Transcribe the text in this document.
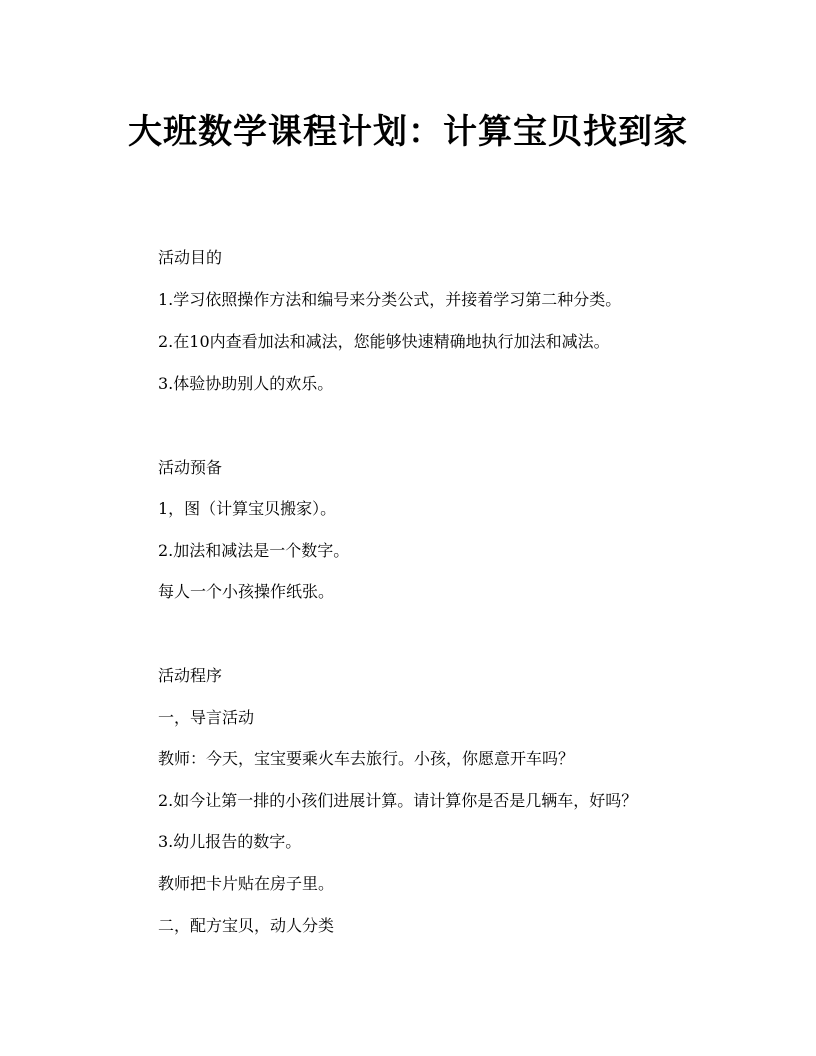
大班数学课程计划：计算宝贝找到家
活动目的
1.学习依照操作方法和编号来分类公式，并接着学习第二种分类。
2.在10内查看加法和减法，您能够快速精确地执行加法和减法。
3.体验协助别人的欢乐。
活动预备
1，图（计算宝贝搬家）。
2.加法和减法是一个数字。
每人一个小孩操作纸张。
活动程序
一，导言活动
教师：今天，宝宝要乘火车去旅行。小孩，你愿意开车吗？
2.如今让第一排的小孩们进展计算。请计算你是否是几辆车，好吗？
3.幼儿报告的数字。
教师把卡片贴在房子里。
二，配方宝贝，动人分类
